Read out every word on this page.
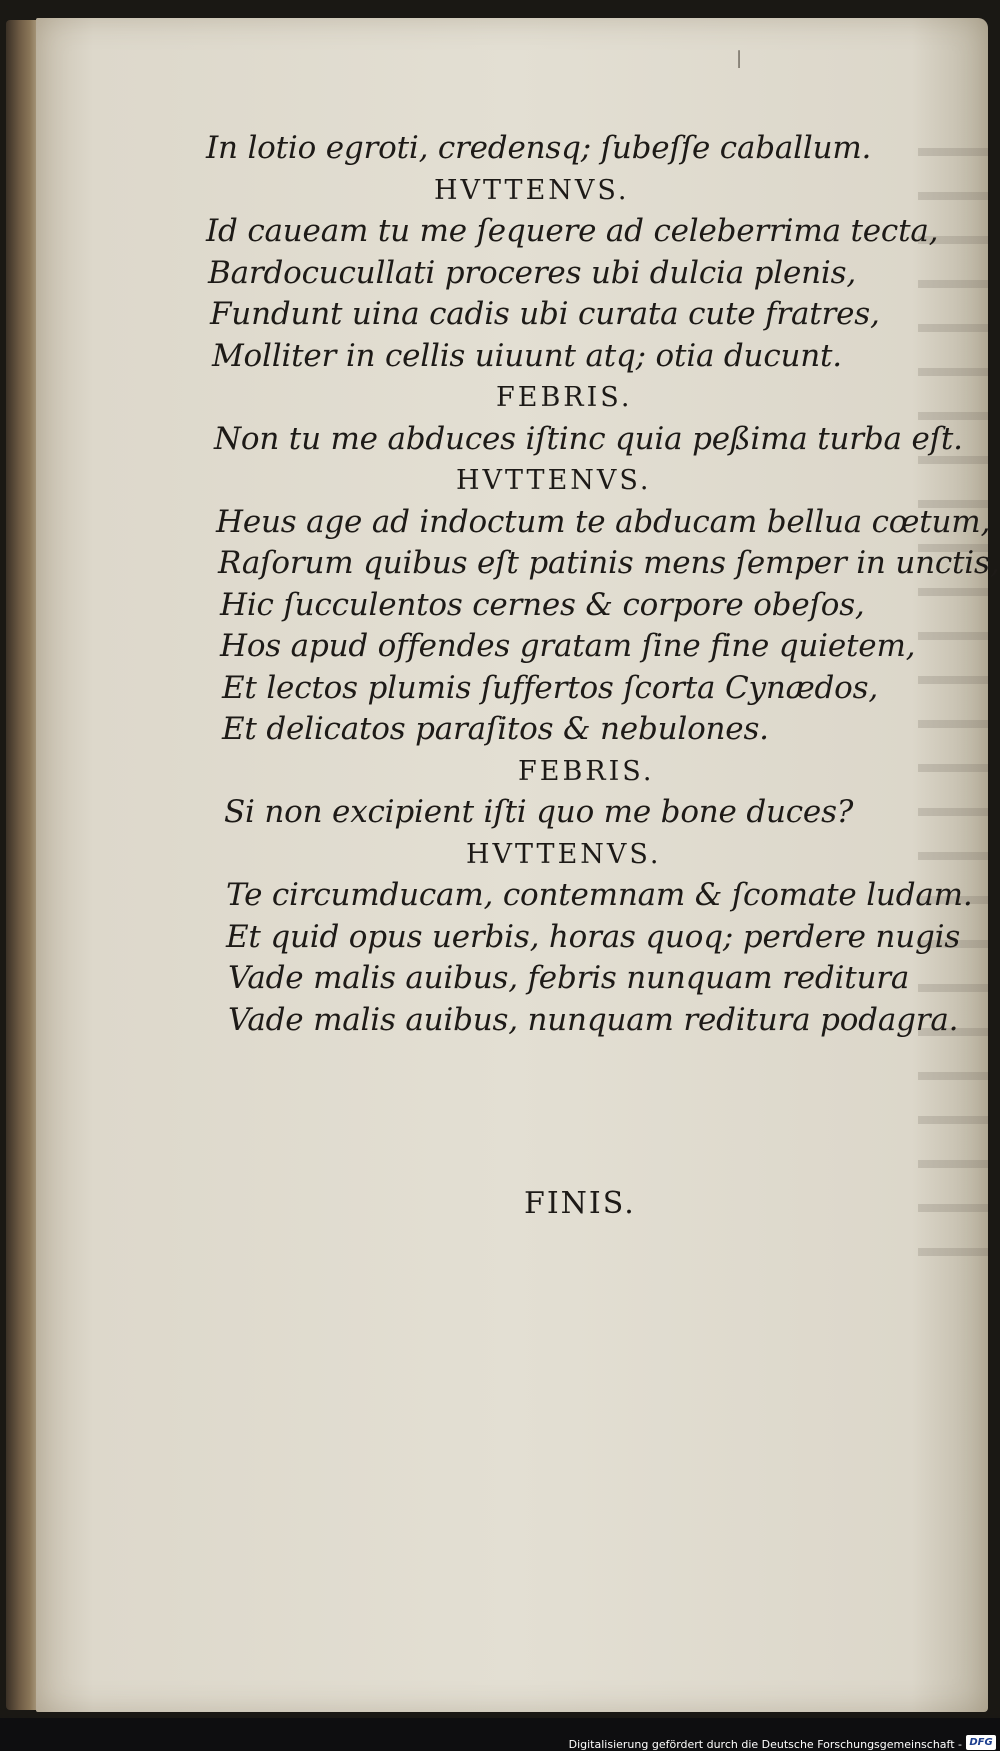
|
In lotio egroti, credensq; ſubeſſe caballum.
HVTTENVS.
Id caueam tu me ſequere ad celeberrima tecta,
Bardocucullati proceres ubi dulcia plenis,
Fundunt uina cadis ubi curata cute fratres,
Molliter in cellis uiuunt atq; otia ducunt.
FEBRIS.
Non tu me abduces iſtinc quia peßima turba eſt.
HVTTENVS.
Heus age ad indoctum te abducam bellua cœtum,
Raſorum quibus eſt patinis mens ſemper in unctis,
Hic ſucculentos cernes & corpore obeſos,
Hos apud offendes gratam ſine fine quietem,
Et lectos plumis ſuffertos ſcorta Cynædos,
Et delicatos paraſitos & nebulones.
FEBRIS.
Si non excipient iſti quo me bone duces?
HVTTENVS.
Te circumducam, contemnam & ſcomate ludam.
Et quid opus uerbis, horas quoq; perdere nugis
Vade malis auibus, febris nunquam reditura
Vade malis auibus, nunquam reditura podagra.
FINIS.
Digitalisierung gefördert durch die Deutsche Forschungsgemeinschaft - DFG
